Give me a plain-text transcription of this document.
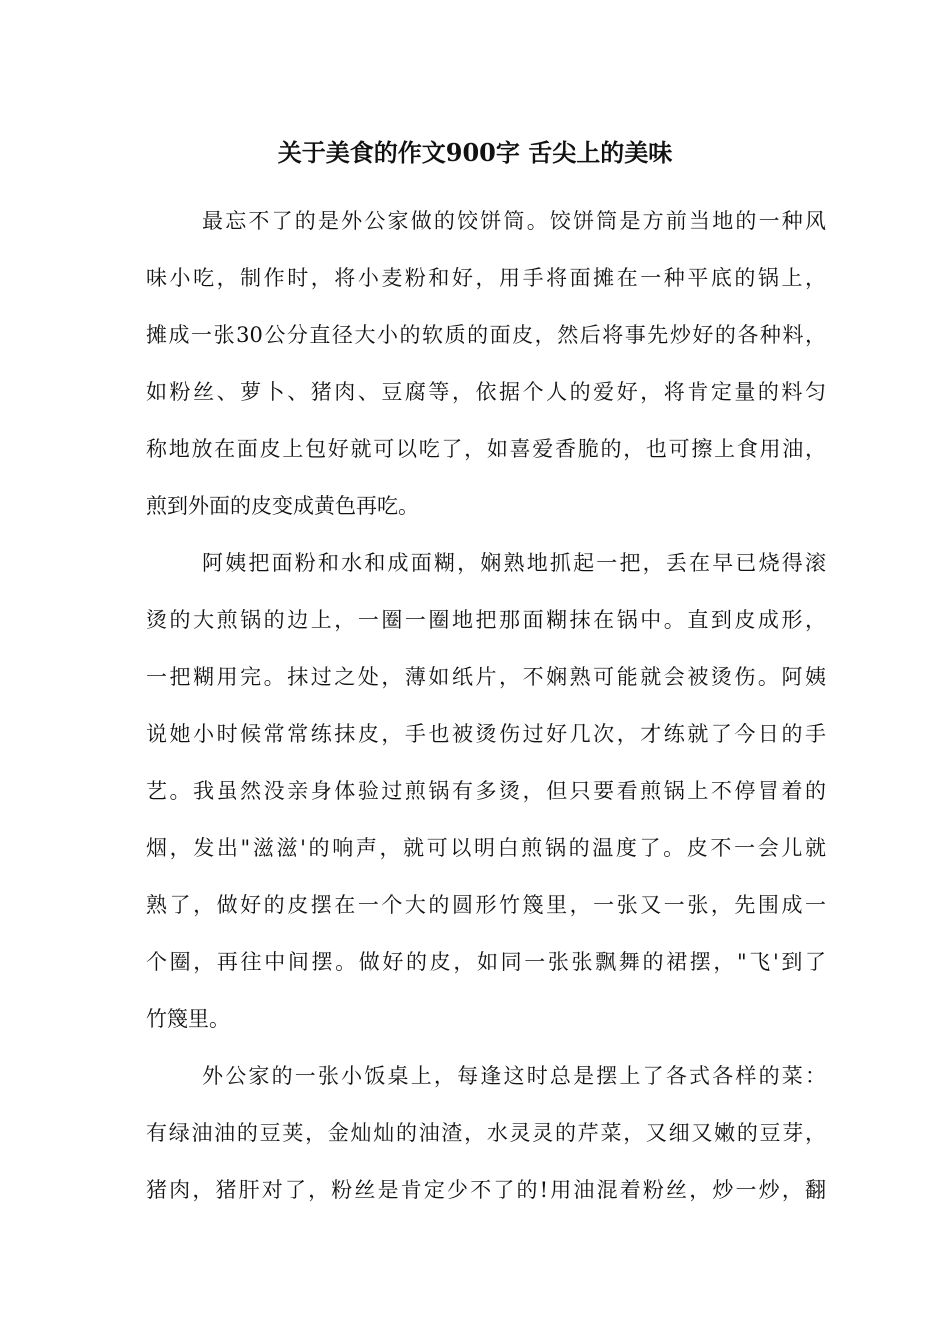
关于美食的作文900字 舌尖上的美味
最忘不了的是外公家做的饺饼筒。饺饼筒是方前当地的一种风
味小吃，制作时，将小麦粉和好，用手将面摊在一种平底的锅上，
摊成一张30公分直径大小的软质的面皮，然后将事先炒好的各种料，
如粉丝、萝卜、猪肉、豆腐等，依据个人的爱好，将肯定量的料匀
称地放在面皮上包好就可以吃了，如喜爱香脆的，也可擦上食用油，
煎到外面的皮变成黄色再吃。
阿姨把面粉和水和成面糊，娴熟地抓起一把，丢在早已烧得滚
烫的大煎锅的边上，一圈一圈地把那面糊抹在锅中。直到皮成形，
一把糊用完。抹过之处，薄如纸片，不娴熟可能就会被烫伤。阿姨
说她小时候常常练抹皮，手也被烫伤过好几次，才练就了今日的手
艺。我虽然没亲身体验过煎锅有多烫，但只要看煎锅上不停冒着的
烟，发出"滋滋'的响声，就可以明白煎锅的温度了。皮不一会儿就
熟了，做好的皮摆在一个大的圆形竹篾里，一张又一张，先围成一
个圈，再往中间摆。做好的皮，如同一张张飘舞的裙摆，"飞'到了
竹篾里。
外公家的一张小饭桌上，每逢这时总是摆上了各式各样的菜：
有绿油油的豆荚，金灿灿的油渣，水灵灵的芹菜，又细又嫩的豆芽，
猪肉，猪肝对了，粉丝是肯定少不了的!用油混着粉丝，炒一炒，翻
